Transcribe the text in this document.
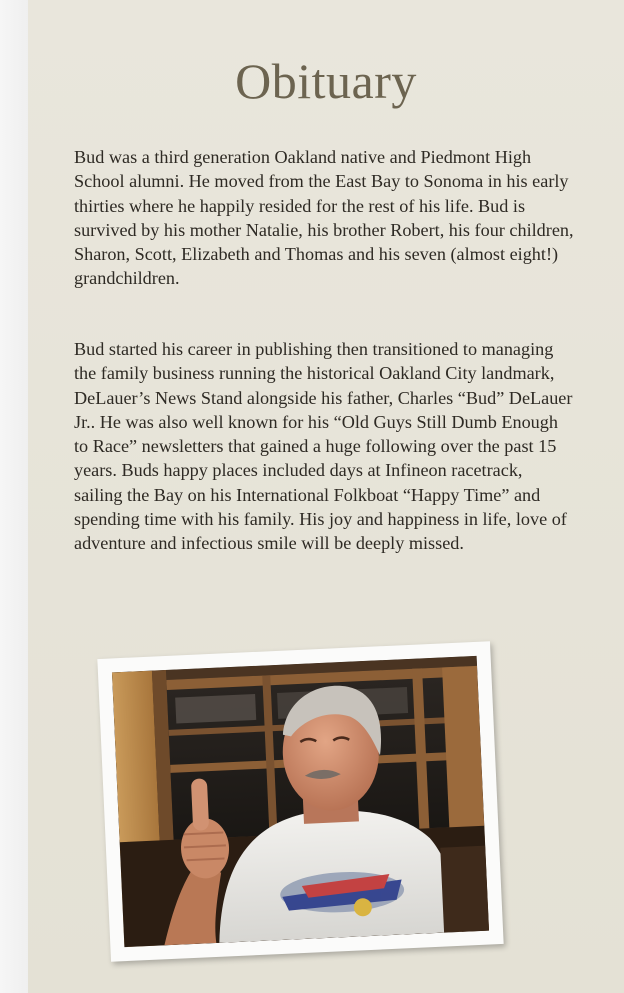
Obituary

Bud was a third generation Oakland native and Piedmont High School alumni. He moved from the East Bay to Sonoma in his early thirties where he happily resided for the rest of his life. Bud is survived by his mother Natalie, his brother Robert, his four children, Sharon, Scott, Elizabeth and Thomas and his seven (almost eight!) grandchildren.

Bud started his career in publishing then transitioned to managing the family business running the historical Oakland City landmark, DeLauer’s News Stand alongside his father, Charles “Bud” DeLauer Jr.. He was also well known for his “Old Guys Still Dumb Enough to Race” newsletters that gained a huge following over the past 15 years. Buds happy places included days at Infineon racetrack, sailing the Bay on his International Folkboat “Happy Time” and spending time with his family. His joy and happiness in life, love of adventure and infectious smile will be deeply missed.
